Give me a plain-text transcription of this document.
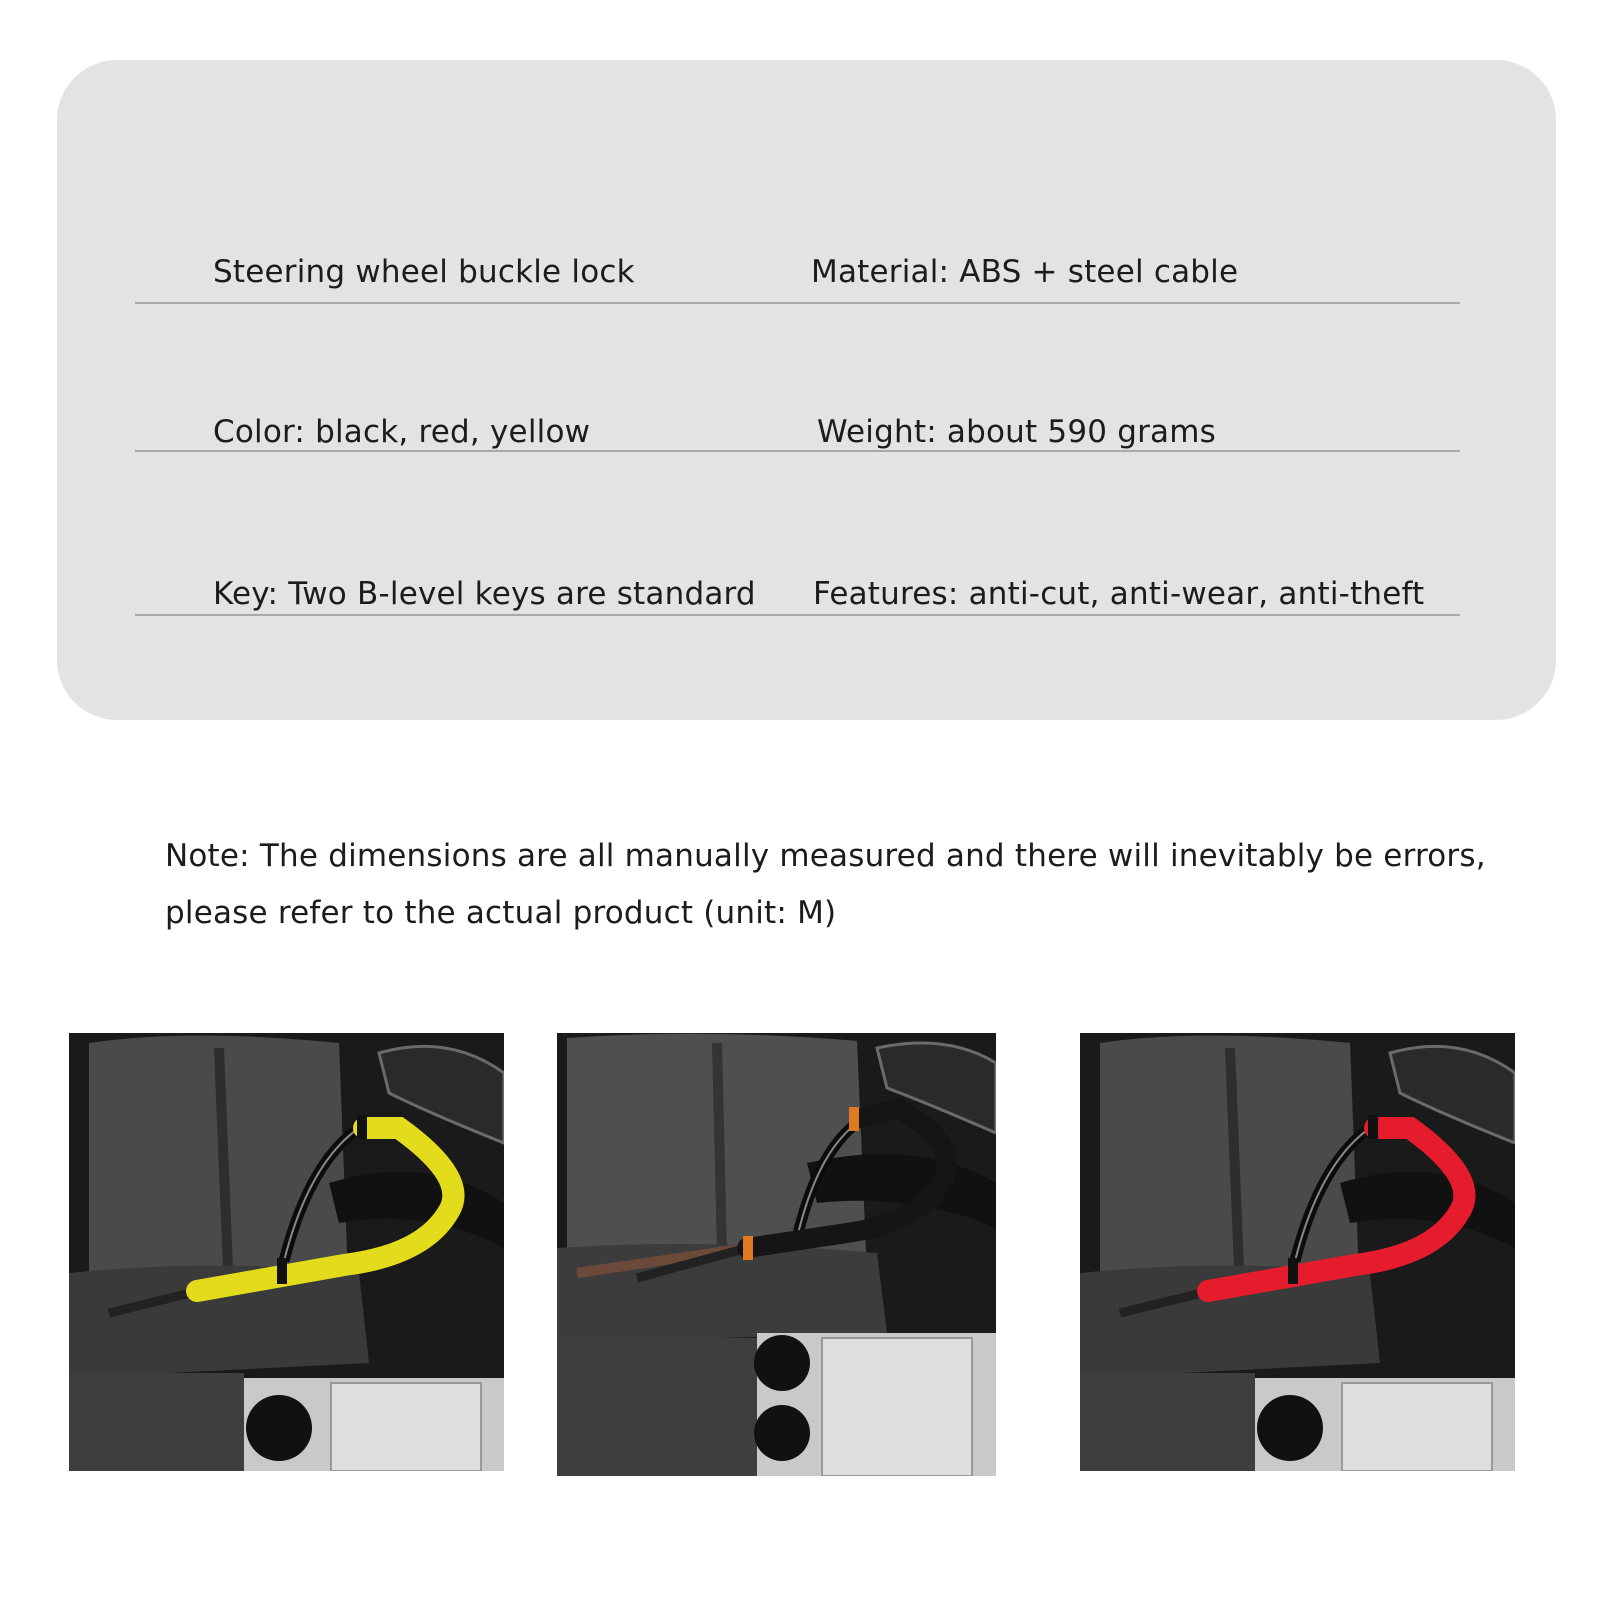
Steering wheel buckle lock	Material: ABS + steel cable
Color: black, red, yellow	Weight: about 590 grams
Key: Two B-level keys are standard Features: anti-cut, anti-wear, anti-theft
Note: The dimensions are all manually measured and there will inevitably be errors,
please refer to the actual product (unit: M)
